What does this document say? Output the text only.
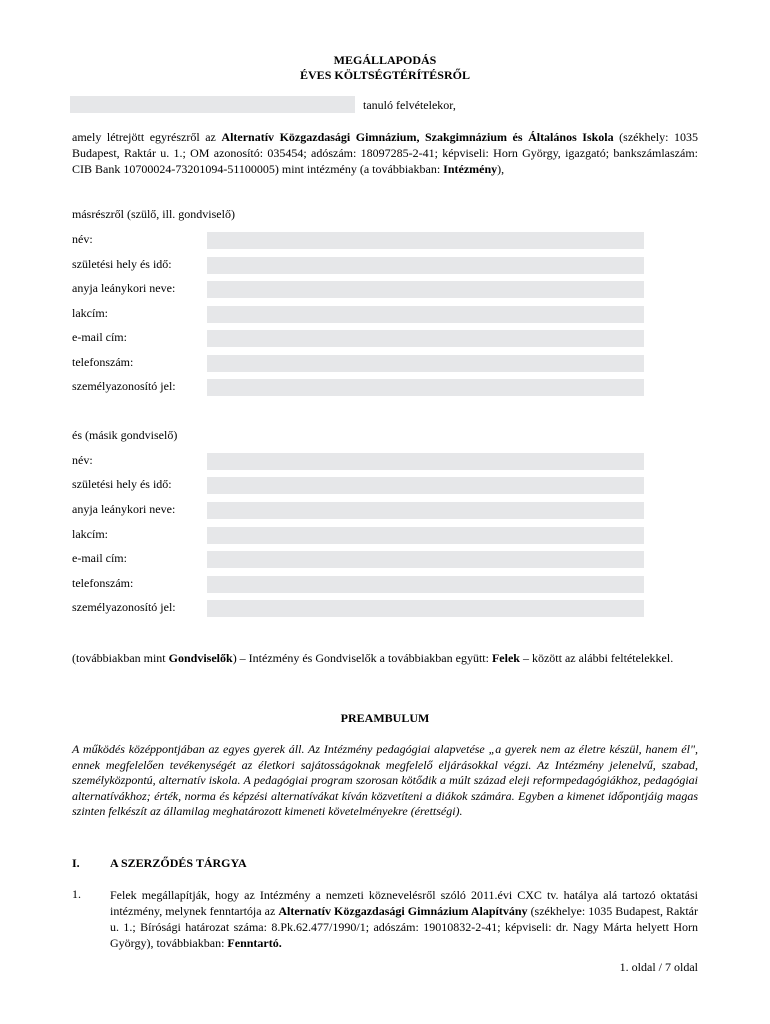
MEGÁLLAPODÁS
ÉVES KÖLTSÉGTÉRÍTÉSRŐL
tanuló felvételekor,
amely létrejött egyrészről az Alternatív Közgazdasági Gimnázium, Szakgimnázium és Általános Iskola (székhely: 1035 Budapest, Raktár u. 1.; OM azonosító: 035454; adószám: 18097285-2-41; képviseli: Horn György, igazgató; bankszámlaszám: CIB Bank 10700024-73201094-51100005) mint intézmény (a továbbiakban: Intézmény),
másrészről (szülő, ill. gondviselő)
név:
születési hely és idő:
anyja leánykori neve:
lakcím:
e-mail cím:
telefonszám:
személyazonosító jel:
és (másik gondviselő)
név:
születési hely és idő:
anyja leánykori neve:
lakcím:
e-mail cím:
telefonszám:
személyazonosító jel:
(továbbiakban mint Gondviselők) – Intézmény és Gondviselők a továbbiakban együtt: Felek – között az alábbi feltételekkel.
PREAMBULUM
A működés középpontjában az egyes gyerek áll. Az Intézmény pedagógiai alapvetése „a gyerek nem az életre készül, hanem él", ennek megfelelően tevékenységét az életkori sajátosságoknak megfelelő eljárásokkal végzi. Az Intézmény jelenelvű, szabad, személyközpontú, alternatív iskola. A pedagógiai program szorosan kötődik a múlt század eleji reformpedagógiákhoz, pedagógiai alternatívákhoz; érték, norma és képzési alternatívákat kíván közvetíteni a diákok számára. Egyben a kimenet időpontjáig magas szinten felkészít az államilag meghatározott kimeneti követelményekre (érettségi).
I.	A SZERZŐDÉS TÁRGYA
1. Felek megállapítják, hogy az Intézmény a nemzeti köznevelésről szóló 2011.évi CXC tv. hatálya alá tartozó oktatási intézmény, melynek fenntartója az Alternatív Közgazdasági Gimnázium Alapítvány (székhelye: 1035 Budapest, Raktár u. 1.; Bírósági határozat száma: 8.Pk.62.477/1990/1; adószám: 19010832-2-41; képviseli: dr. Nagy Márta helyett Horn György), továbbiakban: Fenntartó.
1. oldal / 7 oldal
